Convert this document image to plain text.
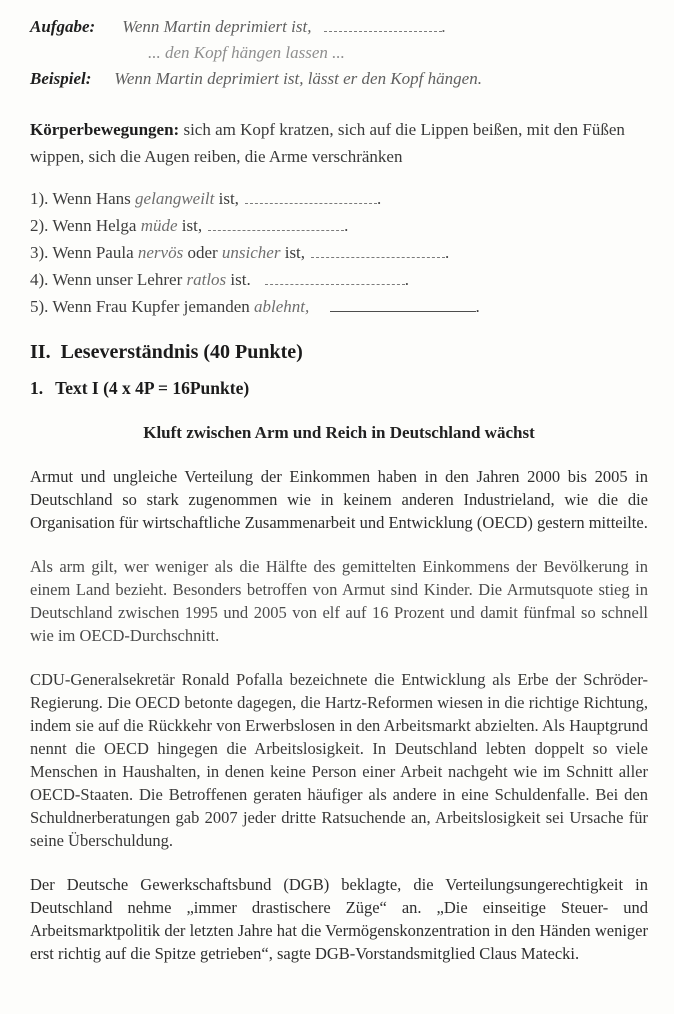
Aufgabe: Wenn Martin deprimiert ist,	.
... den Kopf hängen lassen ...
Beispiel: Wenn Martin deprimiert ist, lässt er den Kopf hängen.
Körperbewegungen: sich am Kopf kratzen, sich auf die Lippen beißen, mit den Füßen wippen, sich die Augen reiben, die Arme verschränken
1). Wenn Hans gelangweilt ist,	.
2). Wenn Helga müde ist,	.
3). Wenn Paula nervös oder unsicher ist,	.
4). Wenn unser Lehrer ratlos ist.	.
5). Wenn Frau Kupfer jemanden ablehnt,	.
II. Leseverständnis (40 Punkte)
1. Text I (4 x 4P = 16Punkte)
Kluft zwischen Arm und Reich in Deutschland wächst

Armut und ungleiche Verteilung der Einkommen haben in den Jahren 2000 bis 2005 in Deutschland so stark zugenommen wie in keinem anderen Industrieland, wie die die Organisation für wirtschaftliche Zusammenarbeit und Entwicklung (OECD) gestern mitteilte.

Als arm gilt, wer weniger als die Hälfte des gemittelten Einkommens der Bevölkerung in einem Land bezieht. Besonders betroffen von Armut sind Kinder. Die Armutsquote stieg in Deutschland zwischen 1995 und 2005 von elf auf 16 Prozent und damit fünfmal so schnell wie im OECD-Durchschnitt.

CDU-Generalsekretär Ronald Pofalla bezeichnete die Entwicklung als Erbe der Schröder-Regierung. Die OECD betonte dagegen, die Hartz-Reformen wiesen in die richtige Richtung, indem sie auf die Rückkehr von Erwerbslosen in den Arbeitsmarkt abzielten. Als Hauptgrund nennt die OECD hingegen die Arbeitslosigkeit. In Deutschland lebten doppelt so viele Menschen in Haushalten, in denen keine Person einer Arbeit nachgeht wie im Schnitt aller OECD-Staaten. Die Betroffenen geraten häufiger als andere in eine Schuldenfalle. Bei den Schuldnerberatungen gab 2007 jeder dritte Ratsuchende an, Arbeitslosigkeit sei Ursache für seine Überschuldung.

Der Deutsche Gewerkschaftsbund (DGB) beklagte, die Verteilungsungerechtigkeit in Deutschland nehme „immer drastischere Züge“ an. „Die einseitige Steuer- und Arbeitsmarktpolitik der letzten Jahre hat die Vermögenskonzentration in den Händen weniger erst richtig auf die Spitze getrieben“, sagte DGB-Vorstandsmitglied Claus Matecki.
